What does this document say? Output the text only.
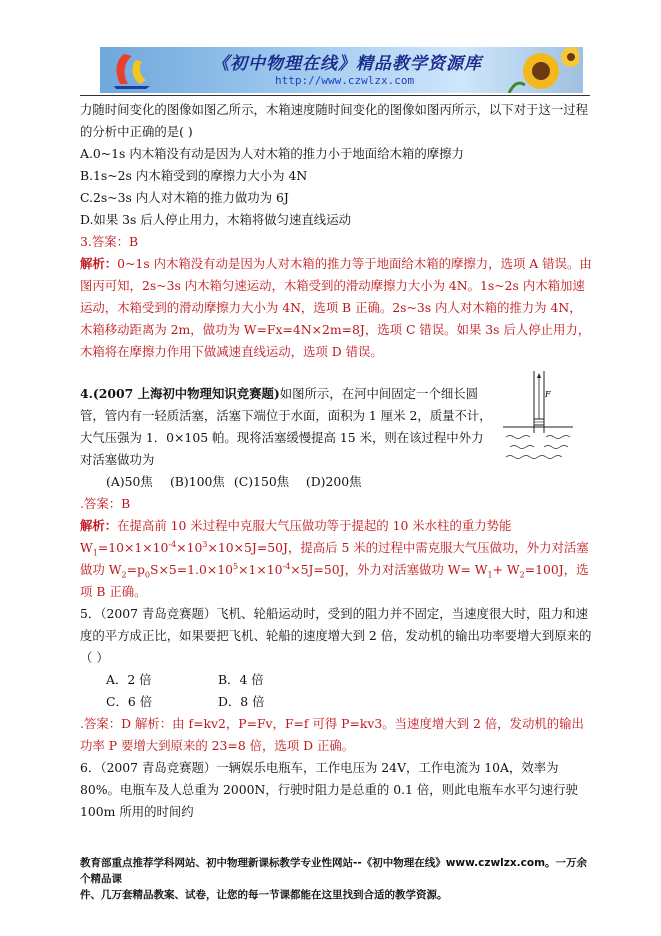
《初中物理在线》精品教学资源库
http://www.czwlzx.com

力随时间变化的图像如图乙所示，木箱速度随时间变化的图像如图丙所示，以下对于这一过程的分析中正确的是( )

A.0~1s 内木箱没有动是因为人对木箱的推力小于地面给木箱的摩擦力

B.1s~2s 内木箱受到的摩擦力大小为 4N

C.2s~3s 内人对木箱的推力做功为 6J

D.如果 3s 后人停止用力，木箱将做匀速直线运动

3.答案：B

解析：0~1s 内木箱没有动是因为人对木箱的推力等于地面给木箱的摩擦力，选项 A 错误。由图丙可知，2s~3s 内木箱匀速运动，木箱受到的滑动摩擦力大小为 4N。1s~2s 内木箱加速运动，木箱受到的滑动摩擦力大小为 4N，选项 B 正确。2s~3s 内人对木箱的推力为 4N，木箱移动距离为 2m，做功为 W=Fx=4N×2m=8J，选项 C 错误。如果 3s 后人停止用力，木箱将在摩擦力作用下做减速直线运动，选项 D 错误。

4.(2007 上海初中物理知识竞赛题)如图所示，在河中间固定一个细长圆管，管内有一轻质活塞，活塞下端位于水面，面积为 1 厘米 2，质量不计，大气压强为 1．0×105 帕。现将活塞缓慢提高 15 米，则在该过程中外力对活塞做功为

(A)50焦 (B)100焦 (C)150焦 (D)200焦

F

.答案：B

解析：在提高前 10 米过程中克服大气压做功等于提起的 10 米水柱的重力势能 $W_1=10\times 1\times 10^{-4}\times 10^3\times 10\times 5J=50J$，提高后 5 米的过程中需克服大气压做功，外力对活塞做功 $W_2=p_0S\times 5=1.0\times 10^5\times 1\times 10^{-4}\times 5J=50J$，外力对活塞做功 $W= W_1+ W_2=100J$，选项 B 正确。

5．（2007 青岛竞赛题）飞机、轮船运动时，受到的阻力并不固定，当速度很大时，阻力和速度的平方成正比，如果要把飞机、轮船的速度增大到 2 倍，发动机的输出功率要增大到原来的（ ）

A．2 倍	B．4 倍

C．6 倍	D．8 倍

.答案：D 解析：由 f=kv2，P=Fv，F=f 可得 P=kv3。当速度增大到 2 倍，发动机的输出功率 P 要增大到原来的 23=8 倍，选项 D 正确。

6．（2007 青岛竞赛题）一辆娱乐电瓶车，工作电压为 24V，工作电流为 10A，效率为 80%。电瓶车及人总重为 2000N，行驶时阻力是总重的 0.1 倍，则此电瓶车水平匀速行驶 100m 所用的时间约

教育部重点推荐学科网站、初中物理新课标教学专业性网站--《初中物理在线》www.czwlzx.com。一万余个精品课
件、几万套精品教案、试卷，让您的每一节课都能在这里找到合适的教学资源。
